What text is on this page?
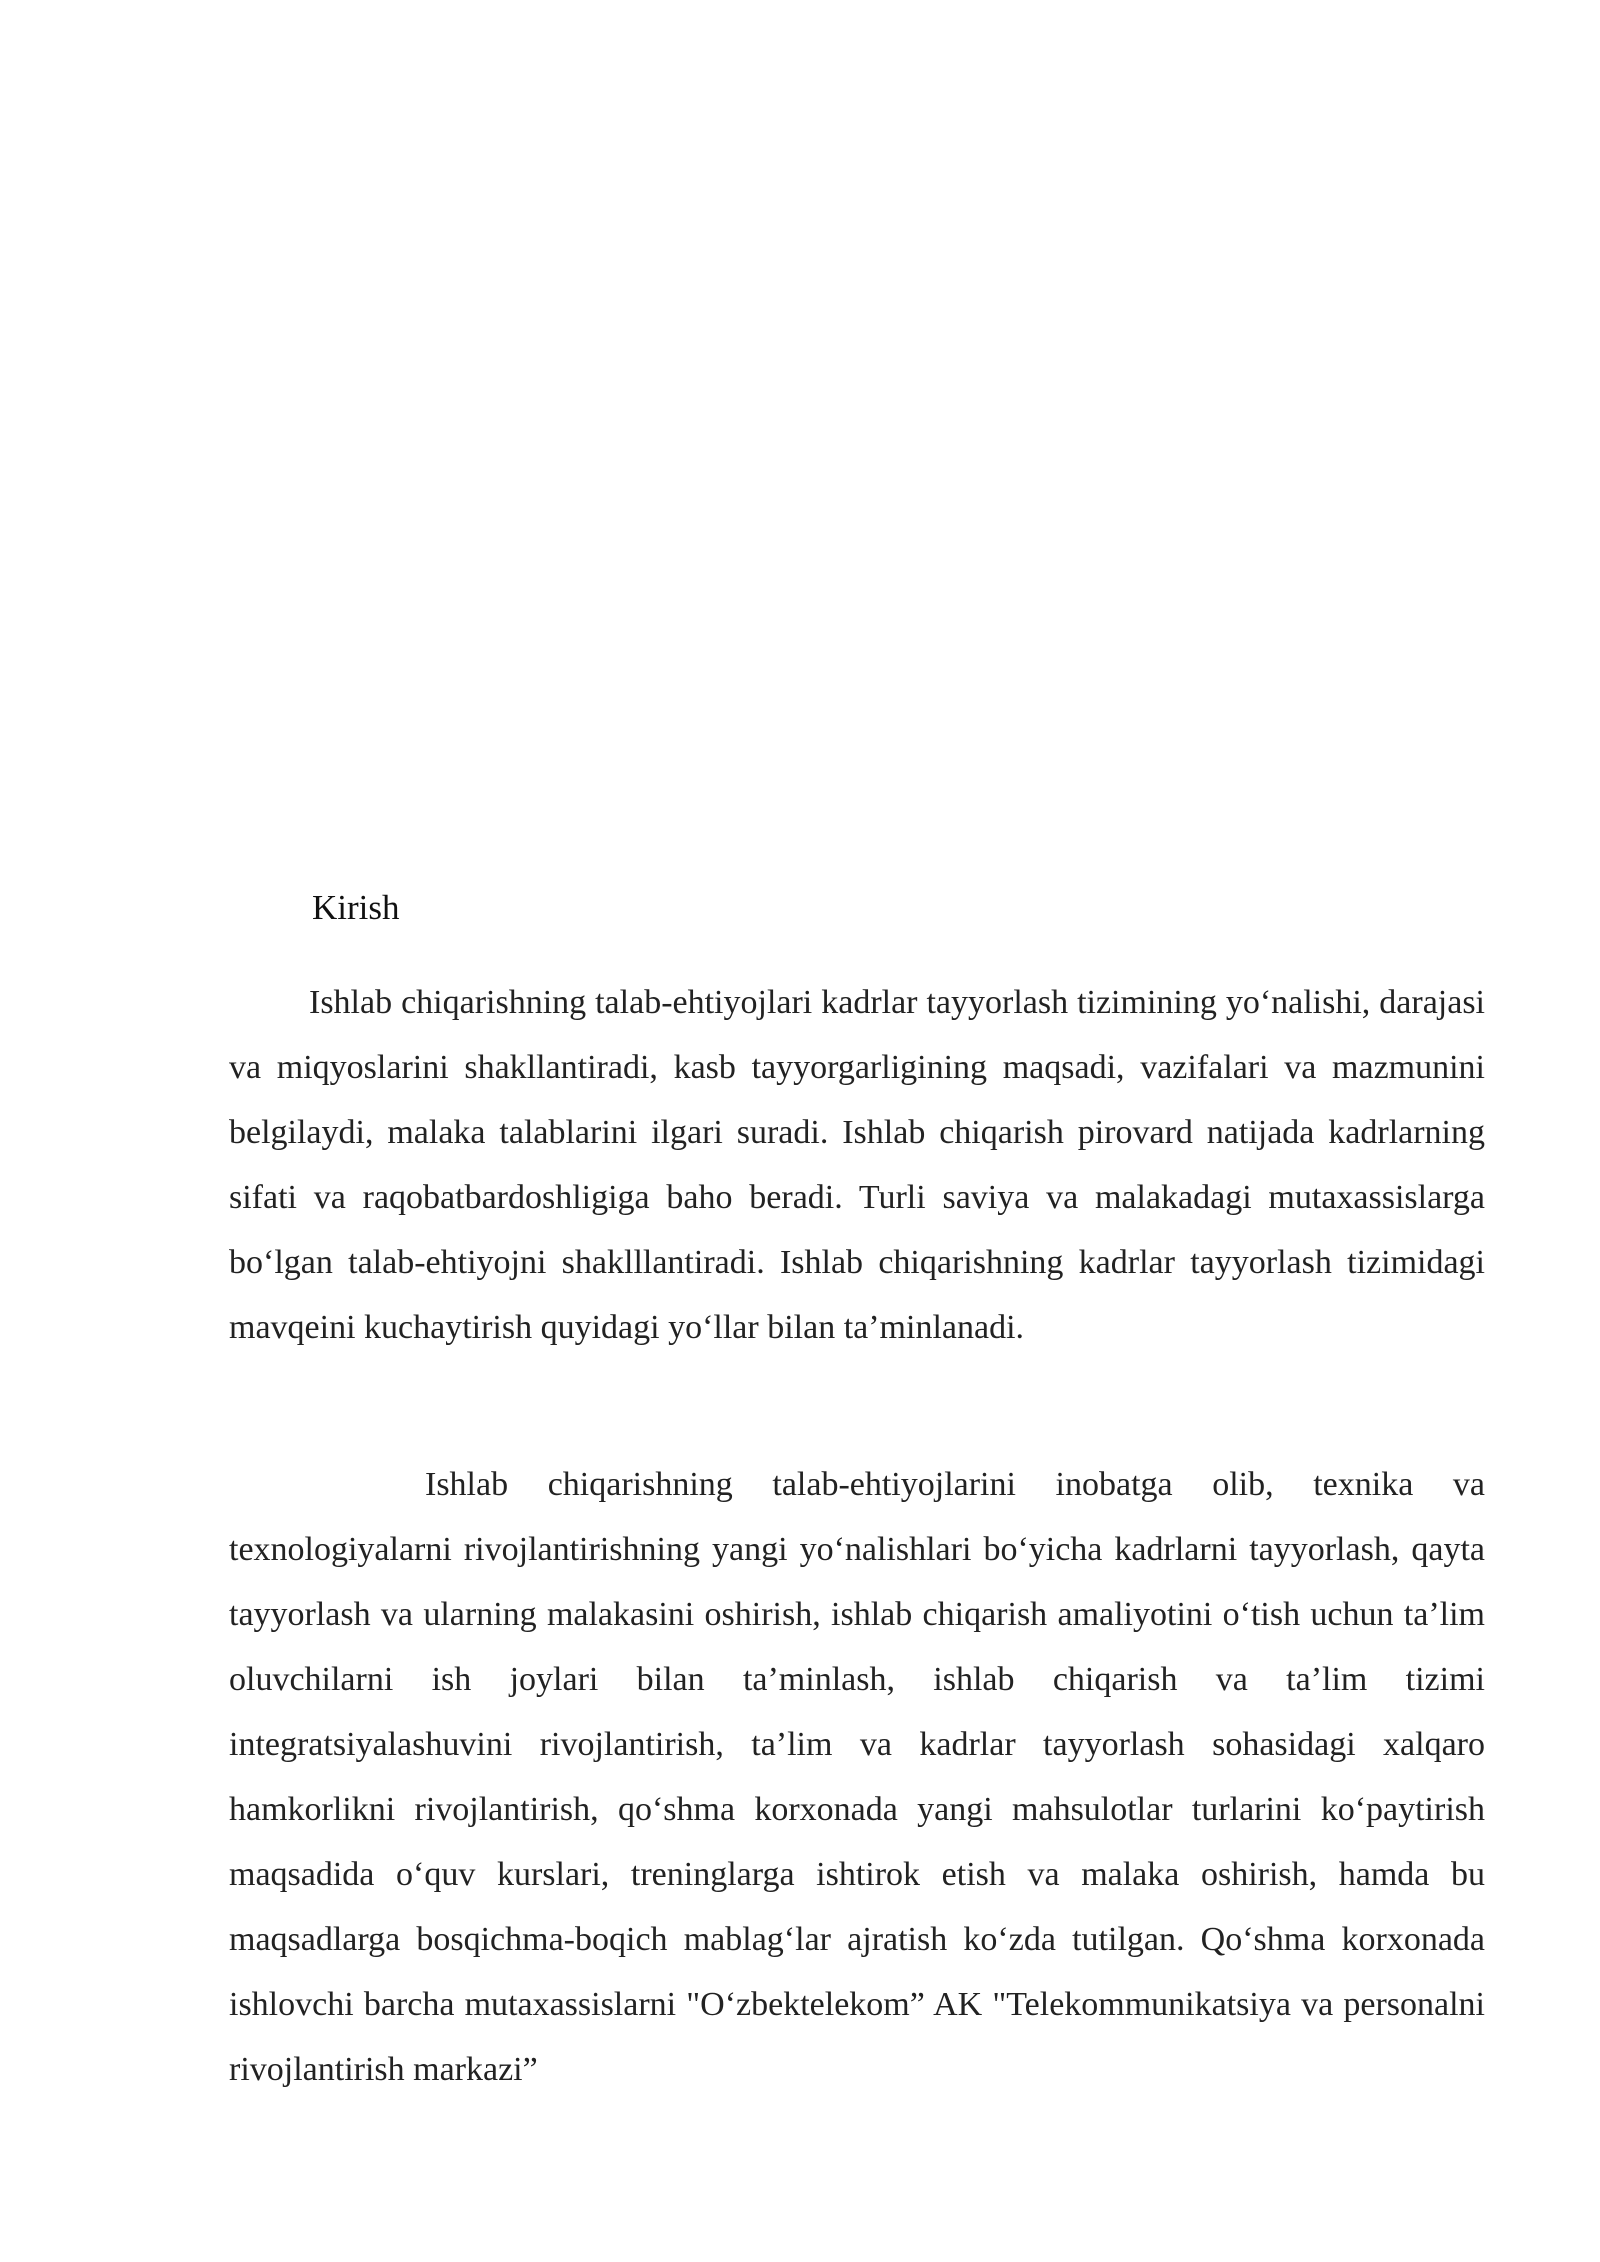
Kirish

Ishlab chiqarishning talab-ehtiyojlari kadrlar tayyorlash tizimining yo‘nalishi, darajasi va miqyoslarini shakllantiradi, kasb tayyorgarligining maqsadi, vazifalari va mazmunini belgilaydi, malaka talablarini ilgari suradi. Ishlab chiqarish pirovard natijada kadrlarning sifati va raqobatbardoshligiga baho beradi. Turli saviya va malakadagi mutaxassislarga bo‘lgan talab-ehtiyojni shaklllantiradi. Ishlab chiqarishning kadrlar tayyorlash tizimidagi mavqeini kuchaytirish quyidagi yo‘llar bilan ta’minlanadi.

Ishlab chiqarishning talab-ehtiyojlarini inobatga olib, texnika va texnologiyalarni rivojlantirishning yangi yo‘nalishlari bo‘yicha kadrlarni tayyorlash, qayta tayyorlash va ularning malakasini oshirish, ishlab chiqarish amaliyotini o‘tish uchun ta’lim oluvchilarni ish joylari bilan ta’minlash, ishlab chiqarish va ta’lim tizimi integratsiyalashuvini rivojlantirish, ta’lim va kadrlar tayyorlash sohasidagi xalqaro hamkorlikni rivojlantirish, qo‘shma korxonada yangi mahsulotlar turlarini ko‘paytirish maqsadida o‘quv kurslari, treninglarga ishtirok etish va malaka oshirish, hamda bu maqsadlarga bosqichma-boqich mablag‘lar ajratish ko‘zda tutilgan. Qo‘shma korxonada ishlovchi barcha mutaxassislarni "O‘zbektelekom” AK "Telekommunikatsiya va personalni rivojlantirish markazi”
